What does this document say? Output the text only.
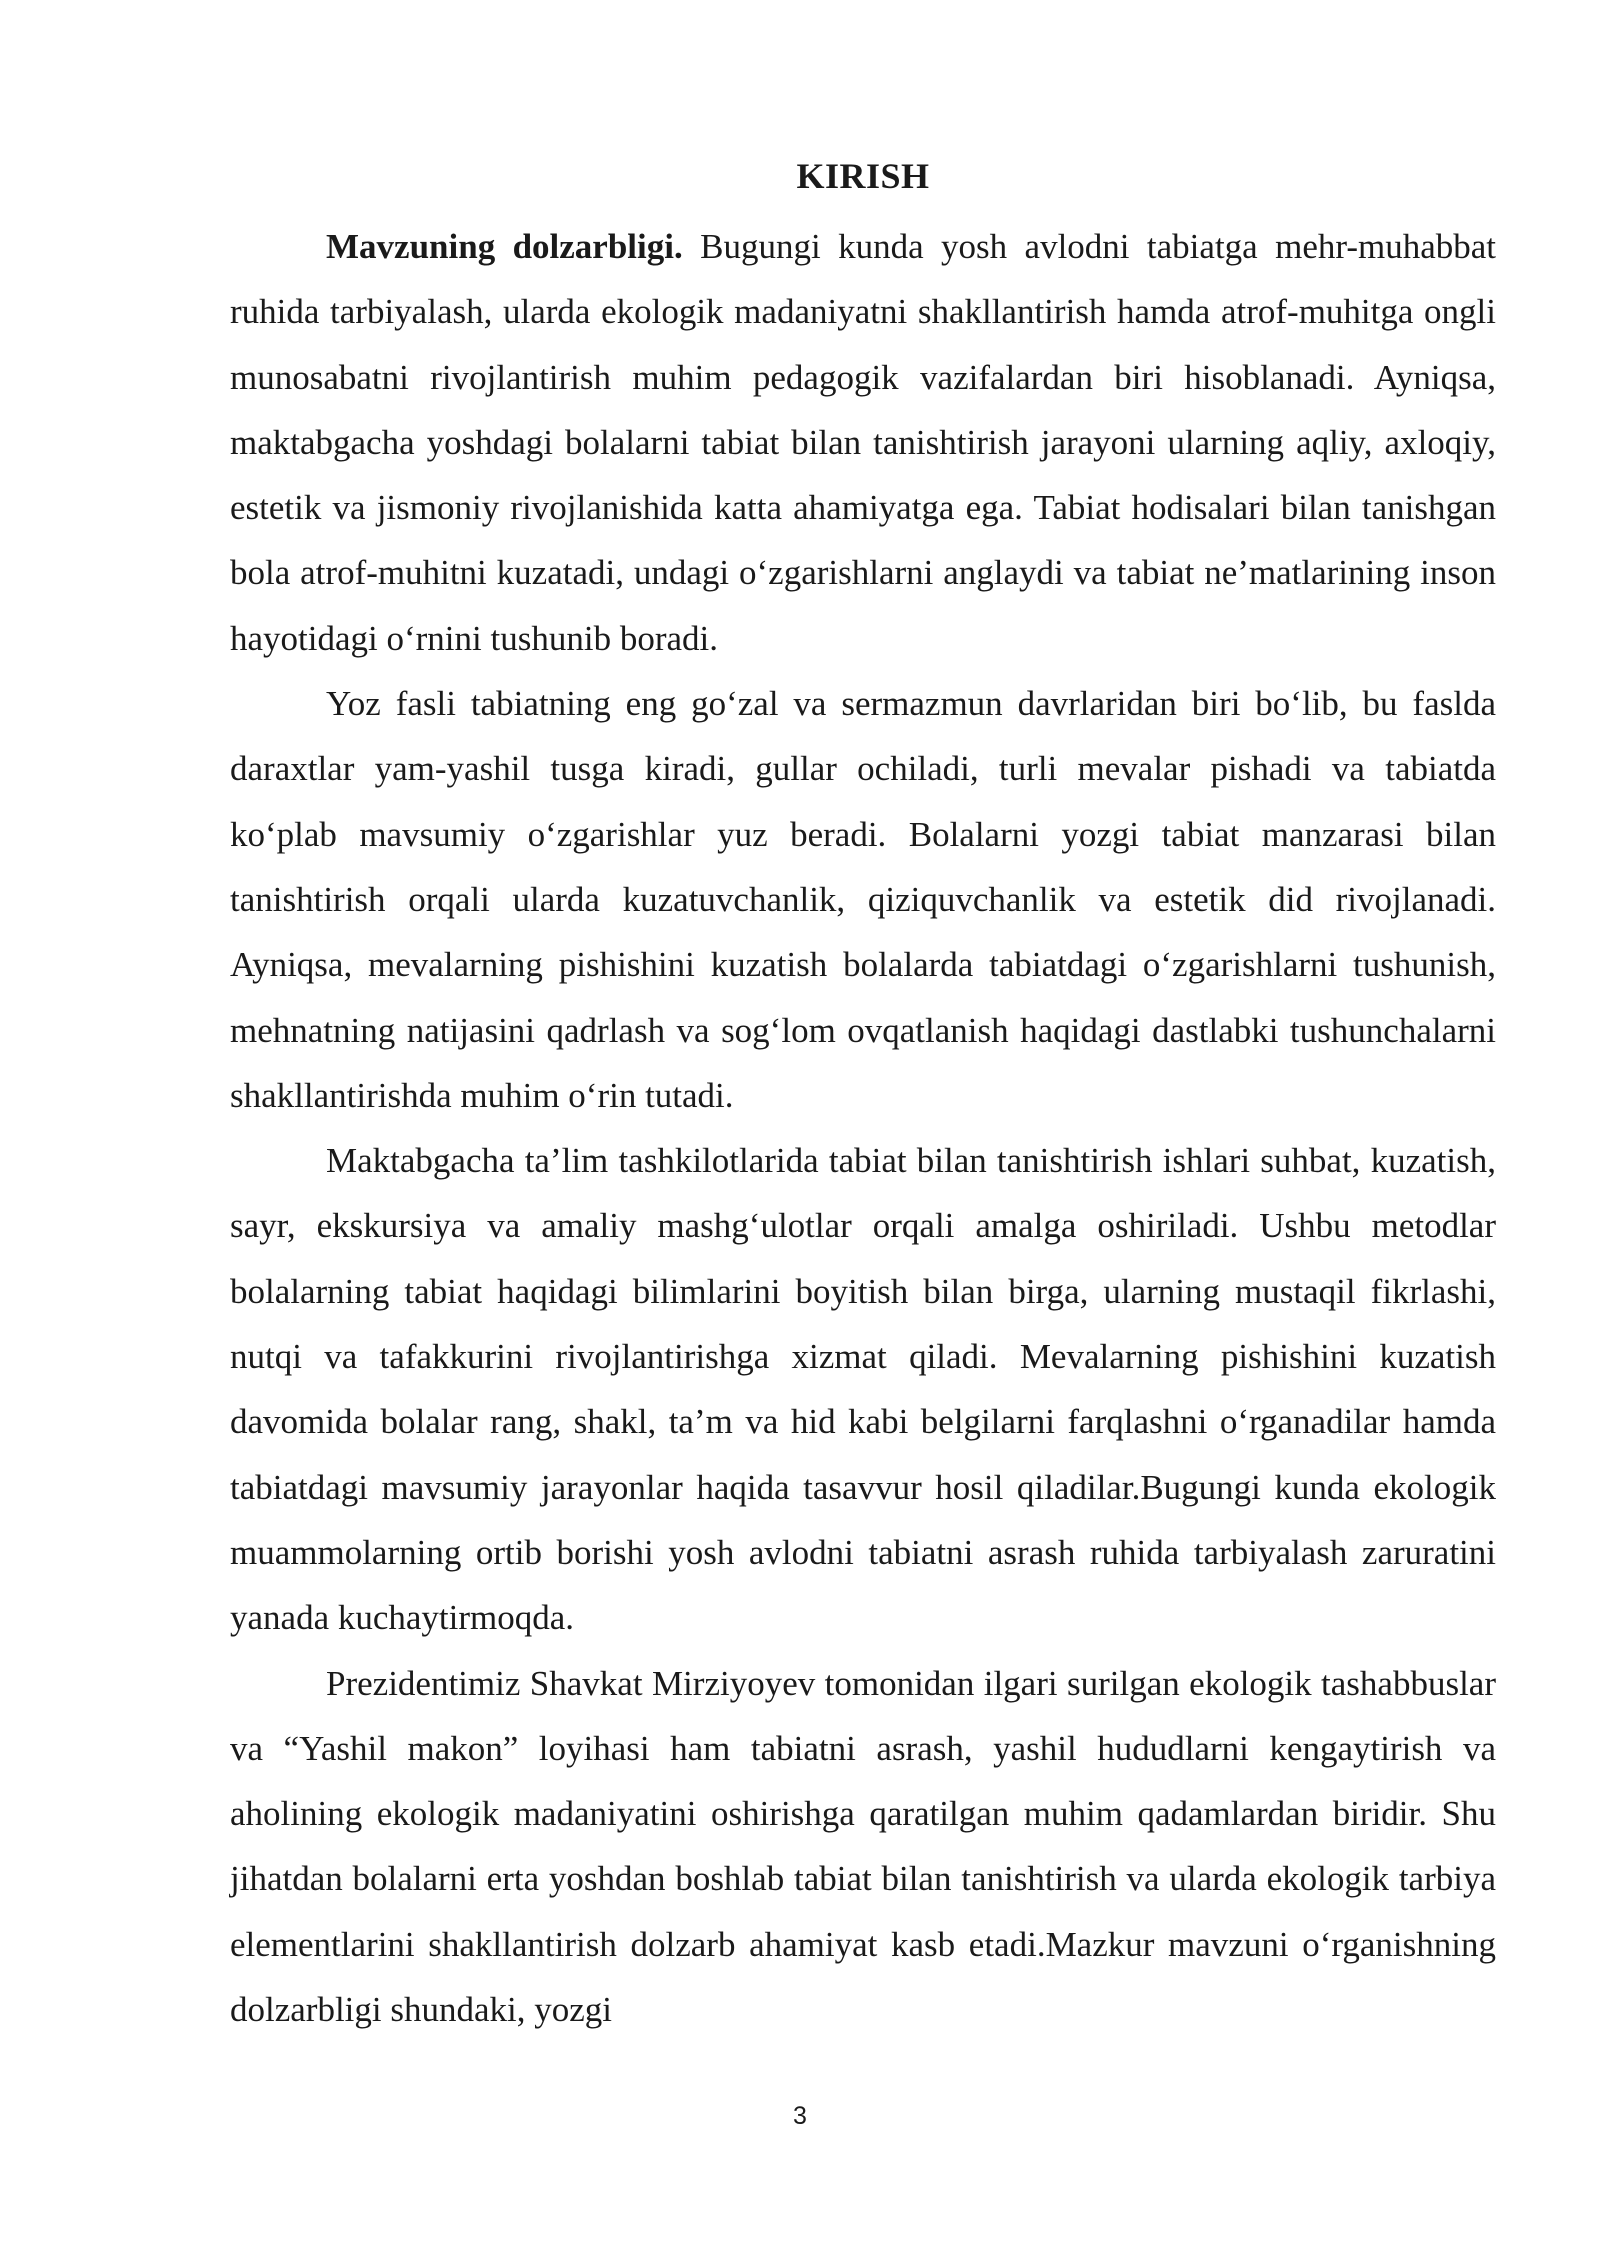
KIRISH

Mavzuning dolzarbligi. Bugungi kunda yosh avlodni tabiatga mehr-muhabbat ruhida tarbiyalash, ularda ekologik madaniyatni shakllantirish hamda atrof-muhitga ongli munosabatni rivojlantirish muhim pedagogik vazifalardan biri hisoblanadi. Ayniqsa, maktabgacha yoshdagi bolalarni tabiat bilan tanishtirish jarayoni ularning aqliy, axloqiy, estetik va jismoniy rivojlanishida katta ahamiyatga ega. Tabiat hodisalari bilan tanishgan bola atrof-muhitni kuzatadi, undagi o‘zgarishlarni anglaydi va tabiat ne’matlarining inson hayotidagi o‘rnini tushunib boradi.

Yoz fasli tabiatning eng go‘zal va sermazmun davrlaridan biri bo‘lib, bu faslda daraxtlar yam-yashil tusga kiradi, gullar ochiladi, turli mevalar pishadi va tabiatda ko‘plab mavsumiy o‘zgarishlar yuz beradi. Bolalarni yozgi tabiat manzarasi bilan tanishtirish orqali ularda kuzatuvchanlik, qiziquvchanlik va estetik did rivojlanadi. Ayniqsa, mevalarning pishishini kuzatish bolalarda tabiatdagi o‘zgarishlarni tushunish, mehnatning natijasini qadrlash va sog‘lom ovqatlanish haqidagi dastlabki tushunchalarni shakllantirishda muhim o‘rin tutadi.

Maktabgacha ta’lim tashkilotlarida tabiat bilan tanishtirish ishlari suhbat, kuzatish, sayr, ekskursiya va amaliy mashg‘ulotlar orqali amalga oshiriladi. Ushbu metodlar bolalarning tabiat haqidagi bilimlarini boyitish bilan birga, ularning mustaqil fikrlashi, nutqi va tafakkurini rivojlantirishga xizmat qiladi. Mevalarning pishishini kuzatish davomida bolalar rang, shakl, ta’m va hid kabi belgilarni farqlashni o‘rganadilar hamda tabiatdagi mavsumiy jarayonlar haqida tasavvur hosil qiladilar.Bugungi kunda ekologik muammolarning ortib borishi yosh avlodni tabiatni asrash ruhida tarbiyalash zaruratini yanada kuchaytirmoqda.

Prezidentimiz Shavkat Mirziyoyev tomonidan ilgari surilgan ekologik tashabbuslar va “Yashil makon” loyihasi ham tabiatni asrash, yashil hududlarni kengaytirish va aholining ekologik madaniyatini oshirishga qaratilgan muhim qadamlardan biridir. Shu jihatdan bolalarni erta yoshdan boshlab tabiat bilan tanishtirish va ularda ekologik tarbiya elementlarini shakllantirish dolzarb ahamiyat kasb etadi.Mazkur mavzuni o‘rganishning dolzarbligi shundaki, yozgi

3
